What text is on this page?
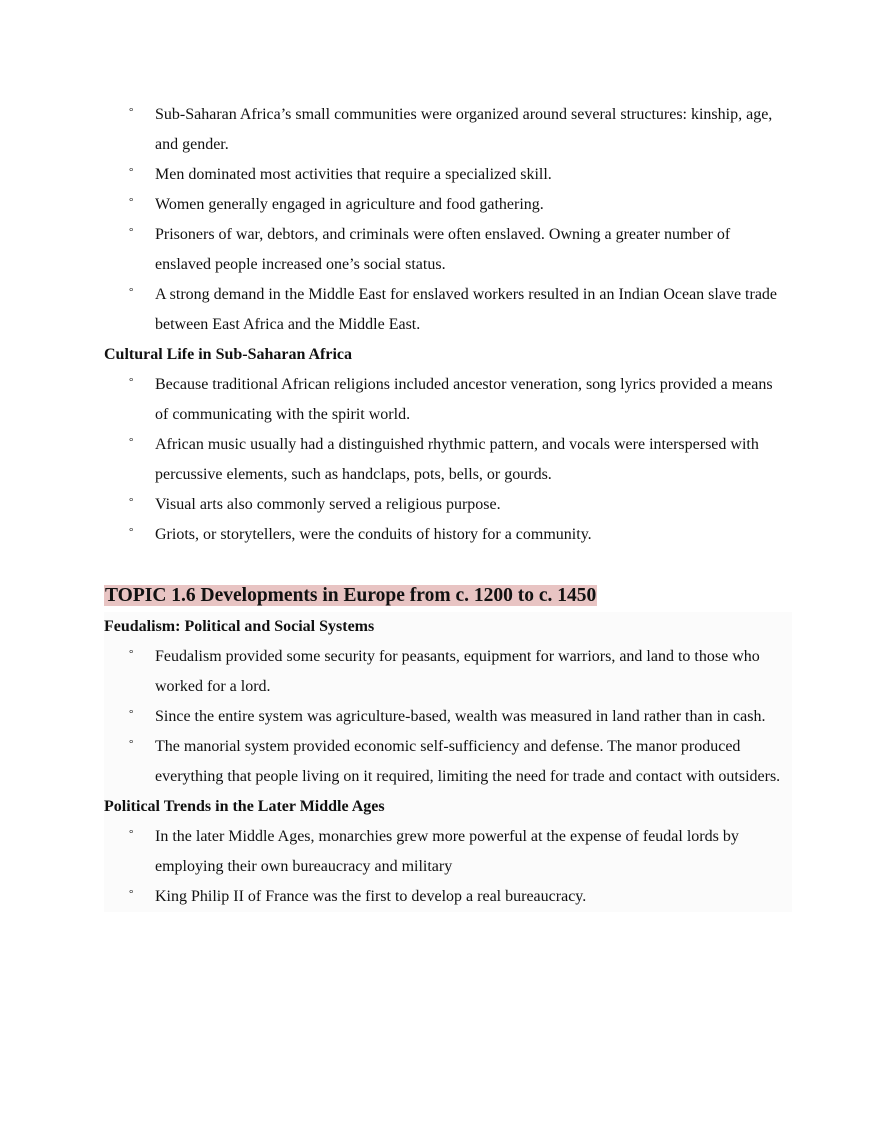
° Sub-Saharan Africa’s small communities were organized around several structures: kinship, age, and gender.
° Men dominated most activities that require a specialized skill.
° Women generally engaged in agriculture and food gathering.
° Prisoners of war, debtors, and criminals were often enslaved. Owning a greater number of enslaved people increased one’s social status.
° A strong demand in the Middle East for enslaved workers resulted in an Indian Ocean slave trade between East Africa and the Middle East.
Cultural Life in Sub-Saharan Africa
° Because traditional African religions included ancestor veneration, song lyrics provided a means of communicating with the spirit world.
° African music usually had a distinguished rhythmic pattern, and vocals were interspersed with percussive elements, such as handclaps, pots, bells, or gourds.
° Visual arts also commonly served a religious purpose.
° Griots, or storytellers, were the conduits of history for a community.
TOPIC 1.6 Developments in Europe from c. 1200 to c. 1450
Feudalism: Political and Social Systems
° Feudalism provided some security for peasants, equipment for warriors, and land to those who worked for a lord.
° Since the entire system was agriculture-based, wealth was measured in land rather than in cash.
° The manorial system provided economic self-sufficiency and defense. The manor produced everything that people living on it required, limiting the need for trade and contact with outsiders.
Political Trends in the Later Middle Ages
° In the later Middle Ages, monarchies grew more powerful at the expense of feudal lords by employing their own bureaucracy and military
° King Philip II of France was the first to develop a real bureaucracy.
